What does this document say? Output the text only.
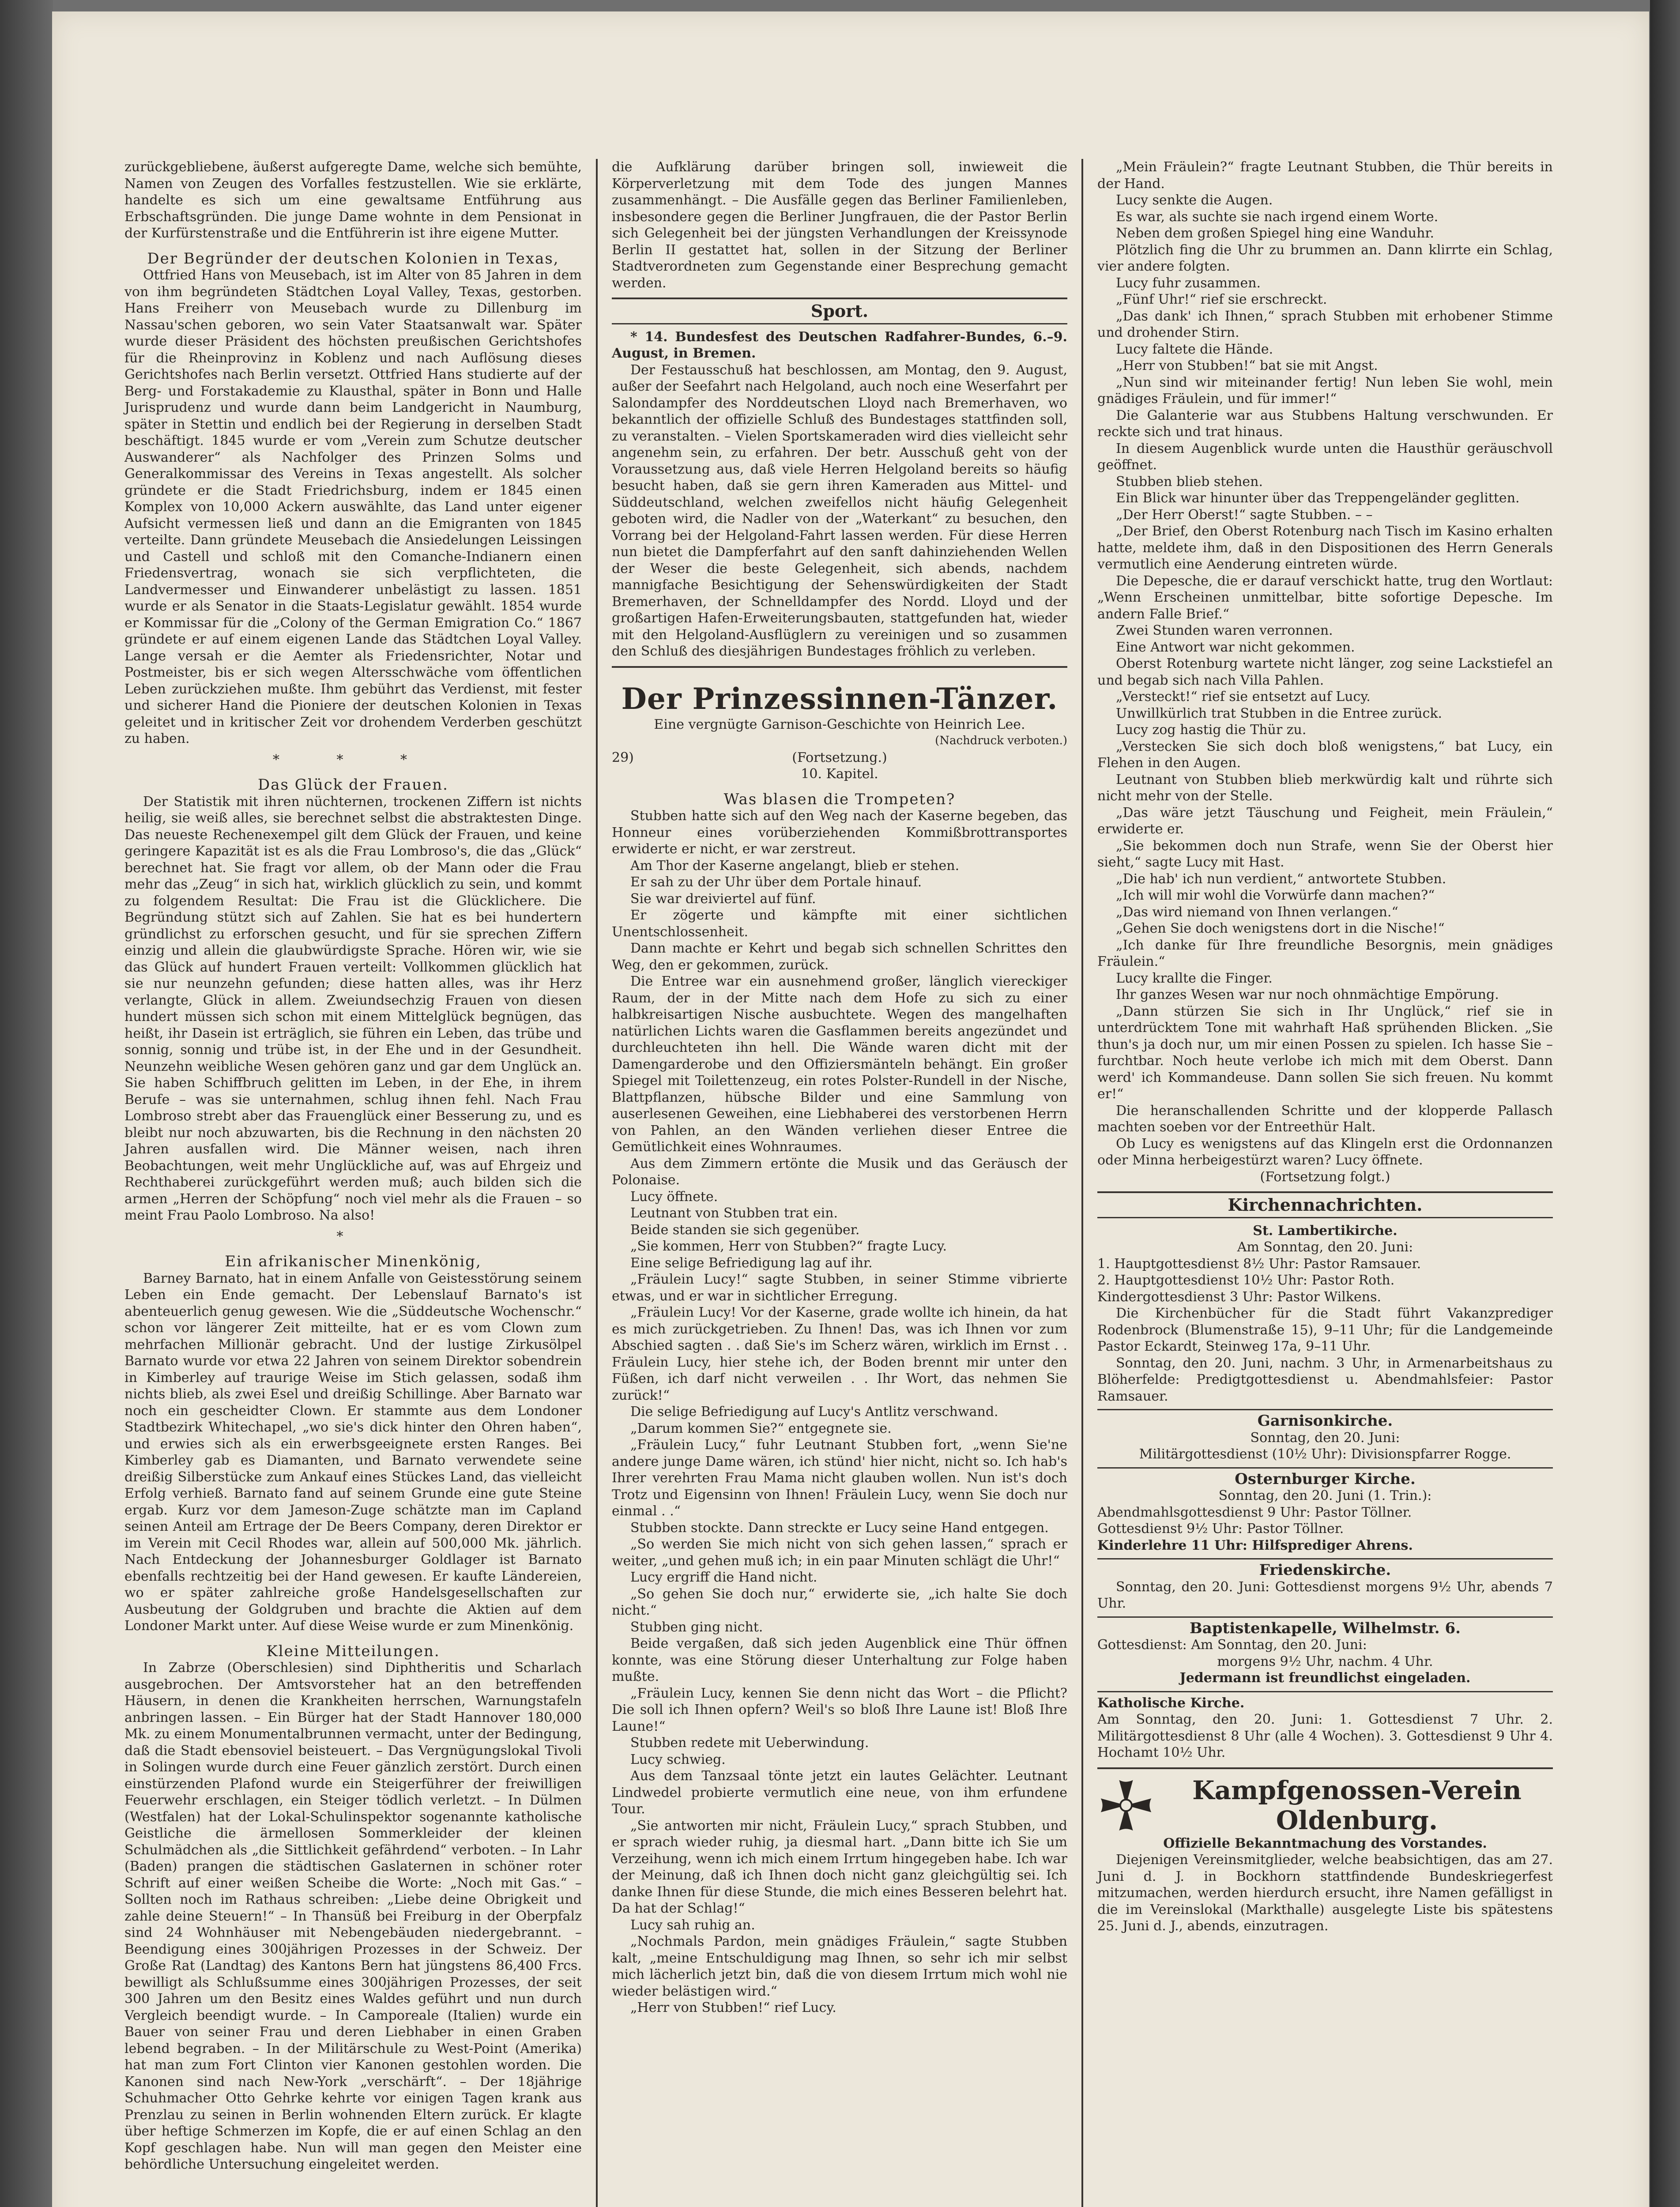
zurückgebliebene, äußerst aufgeregte Dame, welche sich bemühte, Namen von Zeugen des Vorfalles festzustellen. Wie sie erklärte, handelte es sich um eine gewaltsame Entführung aus Erbschaftsgründen. Die junge Dame wohnte in dem Pensionat in der Kurfürstenstraße und die Entführerin ist ihre eigene Mutter.

Der Begründer der deutschen Kolonien in Texas,

Ottfried Hans von Meusebach, ist im Alter von 85 Jahren in dem von ihm begründeten Städtchen Loyal Valley, Texas, gestorben. Hans Freiherr von Meusebach wurde zu Dillenburg im Nassau'schen geboren, wo sein Vater Staatsanwalt war. Später wurde dieser Präsident des höchsten preußischen Gerichtshofes für die Rheinprovinz in Koblenz und nach Auflösung dieses Gerichtshofes nach Berlin versetzt. Ottfried Hans studierte auf der Berg- und Forstakademie zu Klausthal, später in Bonn und Halle Jurisprudenz und wurde dann beim Landgericht in Naumburg, später in Stettin und endlich bei der Regierung in derselben Stadt beschäftigt. 1845 wurde er vom „Verein zum Schutze deutscher Auswanderer“ als Nachfolger des Prinzen Solms und Generalkommissar des Vereins in Texas angestellt. Als solcher gründete er die Stadt Friedrichsburg, indem er 1845 einen Komplex von 10,000 Ackern auswählte, das Land unter eigener Aufsicht vermessen ließ und dann an die Emigranten von 1845 verteilte. Dann gründete Meusebach die Ansiedelungen Leissingen und Castell und schloß mit den Comanche-Indianern einen Friedensvertrag, wonach sie sich verpflichteten, die Landvermesser und Einwanderer unbelästigt zu lassen. 1851 wurde er als Senator in die Staats-Legislatur gewählt. 1854 wurde er Kommissar für die „Colony of the German Emigration Co.“ 1867 gründete er auf einem eigenen Lande das Städtchen Loyal Valley. Lange versah er die Aemter als Friedensrichter, Notar und Postmeister, bis er sich wegen Altersschwäche vom öffentlichen Leben zurückziehen mußte. Ihm gebührt das Verdienst, mit fester und sicherer Hand die Pioniere der deutschen Kolonien in Texas geleitet und in kritischer Zeit vor drohendem Verderben geschützt zu haben.

* * *
Das Glück der Frauen.

Der Statistik mit ihren nüchternen, trockenen Ziffern ist nichts heilig, sie weiß alles, sie berechnet selbst die abstraktesten Dinge. Das neueste Rechenexempel gilt dem Glück der Frauen, und keine geringere Kapazität ist es als die Frau Lombroso's, die das „Glück“ berechnet hat. Sie fragt vor allem, ob der Mann oder die Frau mehr das „Zeug“ in sich hat, wirklich glücklich zu sein, und kommt zu folgendem Resultat: Die Frau ist die Glücklichere. Die Begründung stützt sich auf Zahlen. Sie hat es bei hundertern gründlichst zu erforschen gesucht, und für sie sprechen Ziffern einzig und allein die glaubwürdigste Sprache. Hören wir, wie sie das Glück auf hundert Frauen verteilt: Vollkommen glücklich hat sie nur neunzehn gefunden; diese hatten alles, was ihr Herz verlangte, Glück in allem. Zweiundsechzig Frauen von diesen hundert müssen sich schon mit einem Mittelglück begnügen, das heißt, ihr Dasein ist erträglich, sie führen ein Leben, das trübe und sonnig, sonnig und trübe ist, in der Ehe und in der Gesundheit. Neunzehn weibliche Wesen gehören ganz und gar dem Unglück an. Sie haben Schiffbruch gelitten im Leben, in der Ehe, in ihrem Berufe – was sie unternahmen, schlug ihnen fehl. Nach Frau Lombroso strebt aber das Frauenglück einer Besserung zu, und es bleibt nur noch abzuwarten, bis die Rechnung in den nächsten 20 Jahren ausfallen wird. Die Männer weisen, nach ihren Beobachtungen, weit mehr Unglückliche auf, was auf Ehrgeiz und Rechthaberei zurückgeführt werden muß; auch bilden sich die armen „Herren der Schöpfung“ noch viel mehr als die Frauen – so meint Frau Paolo Lombroso. Na also!

*
Ein afrikanischer Minenkönig,

Barney Barnato, hat in einem Anfalle von Geistesstörung seinem Leben ein Ende gemacht. Der Lebenslauf Barnato's ist abenteuerlich genug gewesen. Wie die „Süddeutsche Wochenschr.“ schon vor längerer Zeit mitteilte, hat er es vom Clown zum mehrfachen Millionär gebracht. Und der lustige Zirkusölpel Barnato wurde vor etwa 22 Jahren von seinem Direktor sobendrein in Kimberley auf traurige Weise im Stich gelassen, sodaß ihm nichts blieb, als zwei Esel und dreißig Schillinge. Aber Barnato war noch ein gescheidter Clown. Er stammte aus dem Londoner Stadtbezirk Whitechapel, „wo sie's dick hinter den Ohren haben“, und erwies sich als ein erwerbsgeeignete ersten Ranges. Bei Kimberley gab es Diamanten, und Barnato verwendete seine dreißig Silberstücke zum Ankauf eines Stückes Land, das vielleicht Erfolg verhieß. Barnato fand auf seinem Grunde eine gute Steine ergab. Kurz vor dem Jameson-Zuge schätzte man im Capland seinen Anteil am Ertrage der De Beers Company, deren Direktor er im Verein mit Cecil Rhodes war, allein auf 500,000 Mk. jährlich. Nach Entdeckung der Johannesburger Goldlager ist Barnato ebenfalls rechtzeitig bei der Hand gewesen. Er kaufte Ländereien, wo er später zahlreiche große Handelsgesellschaften zur Ausbeutung der Goldgruben und brachte die Aktien auf dem Londoner Markt unter. Auf diese Weise wurde er zum Minenkönig.

Kleine Mitteilungen.

In Zabrze (Oberschlesien) sind Diphtheritis und Scharlach ausgebrochen. Der Amtsvorsteher hat an den betreffenden Häusern, in denen die Krankheiten herrschen, Warnungstafeln anbringen lassen. – Ein Bürger hat der Stadt Hannover 180,000 Mk. zu einem Monumentalbrunnen vermacht, unter der Bedingung, daß die Stadt ebensoviel beisteuert. – Das Vergnügungslokal Tivoli in Solingen wurde durch eine Feuer gänzlich zerstört. Durch einen einstürzenden Plafond wurde ein Steigerführer der freiwilligen Feuerwehr erschlagen, ein Steiger tödlich verletzt. – In Dülmen (Westfalen) hat der Lokal-Schulinspektor sogenannte katholische Geistliche die ärmellosen Sommerkleider der kleinen Schulmädchen als „die Sittlichkeit gefährdend“ verboten. – In Lahr (Baden) prangen die städtischen Gaslaternen in schöner roter Schrift auf einer weißen Scheibe die Worte: „Noch mit Gas.“ – Sollten noch im Rathaus schreiben: „Liebe deine Obrigkeit und zahle deine Steuern!“ – In Thansüß bei Freiburg in der Oberpfalz sind 24 Wohnhäuser mit Nebengebäuden niedergebrannt. – Beendigung eines 300jährigen Prozesses in der Schweiz. Der Große Rat (Landtag) des Kantons Bern hat jüngstens 86,400 Frcs. bewilligt als Schlußsumme eines 300jährigen Prozesses, der seit 300 Jahren um den Besitz eines Waldes geführt und nun durch Vergleich beendigt wurde. – In Camporeale (Italien) wurde ein Bauer von seiner Frau und deren Liebhaber in einen Graben lebend begraben. – In der Militärschule zu West-Point (Amerika) hat man zum Fort Clinton vier Kanonen gestohlen worden. Die Kanonen sind nach New-York „verschärft“. – Der 18jährige Schuhmacher Otto Gehrke kehrte vor einigen Tagen krank aus Prenzlau zu seinen in Berlin wohnenden Eltern zurück. Er klagte über heftige Schmerzen im Kopfe, die er auf einen Schlag an den Kopf geschlagen habe. Nun will man gegen den Meister eine behördliche Untersuchung eingeleitet werden.

die Aufklärung darüber bringen soll, inwieweit die Körperverletzung mit dem Tode des jungen Mannes zusammenhängt. – Die Ausfälle gegen das Berliner Familienleben, insbesondere gegen die Berliner Jungfrauen, die der Pastor Berlin sich Gelegenheit bei der jüngsten Verhandlungen der Kreissynode Berlin II gestattet hat, sollen in der Sitzung der Berliner Stadtverordneten zum Gegenstande einer Besprechung gemacht werden.

Sport.

* 14. Bundesfest des Deutschen Radfahrer-Bundes, 6.–9. August, in Bremen.

Der Festausschuß hat beschlossen, am Montag, den 9. August, außer der Seefahrt nach Helgoland, auch noch eine Weserfahrt per Salondampfer des Norddeutschen Lloyd nach Bremerhaven, wo bekanntlich der offizielle Schluß des Bundestages stattfinden soll, zu veranstalten. – Vielen Sportskameraden wird dies vielleicht sehr angenehm sein, zu erfahren. Der betr. Ausschuß geht von der Voraussetzung aus, daß viele Herren Helgoland bereits so häufig besucht haben, daß sie gern ihren Kameraden aus Mittel- und Süddeutschland, welchen zweifellos nicht häufig Gelegenheit geboten wird, die Nadler von der „Waterkant“ zu besuchen, den Vorrang bei der Helgoland-Fahrt lassen werden. Für diese Herren nun bietet die Dampferfahrt auf den sanft dahinziehenden Wellen der Weser die beste Gelegenheit, sich abends, nachdem mannigfache Besichtigung der Sehenswürdigkeiten der Stadt Bremerhaven, der Schnelldampfer des Nordd. Lloyd und der großartigen Hafen-Erweiterungsbauten, stattgefunden hat, wieder mit den Helgoland-Ausflüglern zu vereinigen und so zusammen den Schluß des diesjährigen Bundestages fröhlich zu verleben.

Der Prinzessinnen-Tänzer.
Eine vergnügte Garnison-Geschichte von Heinrich Lee.
(Nachdruck verboten.)
29)	(Fortsetzung.)
10. Kapitel.
Was blasen die Trompeten?

Stubben hatte sich auf den Weg nach der Kaserne begeben, das Honneur eines vorüberziehenden Kommißbrottransportes erwiderte er nicht, er war zerstreut.

Am Thor der Kaserne angelangt, blieb er stehen.

Er sah zu der Uhr über dem Portale hinauf.

Sie war dreiviertel auf fünf.

Er zögerte und kämpfte mit einer sichtlichen Unentschlossenheit.

Dann machte er Kehrt und begab sich schnellen Schrittes den Weg, den er gekommen, zurück.

Die Entree war ein ausnehmend großer, länglich viereckiger Raum, der in der Mitte nach dem Hofe zu sich zu einer halbkreisartigen Nische ausbuchtete. Wegen des mangelhaften natürlichen Lichts waren die Gasflammen bereits angezündet und durchleuchteten ihn hell. Die Wände waren dicht mit der Damengarderobe und den Offiziersmänteln behängt. Ein großer Spiegel mit Toilettenzeug, ein rotes Polster-Rundell in der Nische, Blattpflanzen, hübsche Bilder und eine Sammlung von auserlesenen Geweihen, eine Liebhaberei des verstorbenen Herrn von Pahlen, an den Wänden verliehen dieser Entree die Gemütlichkeit eines Wohnraumes.

Aus dem Zimmern ertönte die Musik und das Geräusch der Polonaise.

Lucy öffnete.

Leutnant von Stubben trat ein.

Beide standen sie sich gegenüber.

„Sie kommen, Herr von Stubben?“ fragte Lucy.

Eine selige Befriedigung lag auf ihr.

„Fräulein Lucy!“ sagte Stubben, in seiner Stimme vibrierte etwas, und er war in sichtlicher Erregung.

„Fräulein Lucy! Vor der Kaserne, grade wollte ich hinein, da hat es mich zurückgetrieben. Zu Ihnen! Das, was ich Ihnen vor zum Abschied sagten . . daß Sie's im Scherz wären, wirklich im Ernst . . Fräulein Lucy, hier stehe ich, der Boden brennt mir unter den Füßen, ich darf nicht verweilen . . Ihr Wort, das nehmen Sie zurück!“

Die selige Befriedigung auf Lucy's Antlitz verschwand.

„Darum kommen Sie?“ entgegnete sie.

„Fräulein Lucy,“ fuhr Leutnant Stubben fort, „wenn Sie'ne andere junge Dame wären, ich stünd' hier nicht, nicht so. Ich hab's Ihrer verehrten Frau Mama nicht glauben wollen. Nun ist's doch Trotz und Eigensinn von Ihnen! Fräulein Lucy, wenn Sie doch nur einmal . .“

Stubben stockte. Dann streckte er Lucy seine Hand entgegen.

„So werden Sie mich nicht von sich gehen lassen,“ sprach er weiter, „und gehen muß ich; in ein paar Minuten schlägt die Uhr!“

Lucy ergriff die Hand nicht.

„So gehen Sie doch nur,“ erwiderte sie, „ich halte Sie doch nicht.“

Stubben ging nicht.

Beide vergaßen, daß sich jeden Augenblick eine Thür öffnen konnte, was eine Störung dieser Unterhaltung zur Folge haben mußte.

„Fräulein Lucy, kennen Sie denn nicht das Wort – die Pflicht? Die soll ich Ihnen opfern? Weil's so bloß Ihre Laune ist! Bloß Ihre Laune!“

Stubben redete mit Ueberwindung.

Lucy schwieg.

Aus dem Tanzsaal tönte jetzt ein lautes Gelächter. Leutnant Lindwedel probierte vermutlich eine neue, von ihm erfundene Tour.

„Sie antworten mir nicht, Fräulein Lucy,“ sprach Stubben, und er sprach wieder ruhig, ja diesmal hart. „Dann bitte ich Sie um Verzeihung, wenn ich mich einem Irrtum hingegeben habe. Ich war der Meinung, daß ich Ihnen doch nicht ganz gleichgültig sei. Ich danke Ihnen für diese Stunde, die mich eines Besseren belehrt hat. Da hat der Schlag!“

Lucy sah ruhig an.

„Nochmals Pardon, mein gnädiges Fräulein,“ sagte Stubben kalt, „meine Entschuldigung mag Ihnen, so sehr ich mir selbst mich lächerlich jetzt bin, daß die von diesem Irrtum mich wohl nie wieder belästigen wird.“

„Herr von Stubben!“ rief Lucy.

„Mein Fräulein?“ fragte Leutnant Stubben, die Thür bereits in der Hand.

Lucy senkte die Augen.

Es war, als suchte sie nach irgend einem Worte.

Neben dem großen Spiegel hing eine Wanduhr.

Plötzlich fing die Uhr zu brummen an. Dann klirrte ein Schlag, vier andere folgten.

Lucy fuhr zusammen.

„Fünf Uhr!“ rief sie erschreckt.

„Das dank' ich Ihnen,“ sprach Stubben mit erhobener Stimme und drohender Stirn.

Lucy faltete die Hände.

„Herr von Stubben!“ bat sie mit Angst.

„Nun sind wir miteinander fertig! Nun leben Sie wohl, mein gnädiges Fräulein, und für immer!“

Die Galanterie war aus Stubbens Haltung verschwunden. Er reckte sich und trat hinaus.

In diesem Augenblick wurde unten die Hausthür geräuschvoll geöffnet.

Stubben blieb stehen.

Ein Blick war hinunter über das Treppengeländer geglitten.

„Der Herr Oberst!“ sagte Stubben. – –

„Der Brief, den Oberst Rotenburg nach Tisch im Kasino erhalten hatte, meldete ihm, daß in den Dispositionen des Herrn Generals vermutlich eine Aenderung eintreten würde.

Die Depesche, die er darauf verschickt hatte, trug den Wortlaut: „Wenn Erscheinen unmittelbar, bitte sofortige Depesche. Im andern Falle Brief.“

Zwei Stunden waren verronnen.

Eine Antwort war nicht gekommen.

Oberst Rotenburg wartete nicht länger, zog seine Lackstiefel an und begab sich nach Villa Pahlen.

„Versteckt!“ rief sie entsetzt auf Lucy.

Unwillkürlich trat Stubben in die Entree zurück.

Lucy zog hastig die Thür zu.

„Verstecken Sie sich doch bloß wenigstens,“ bat Lucy, ein Flehen in den Augen.

Leutnant von Stubben blieb merkwürdig kalt und rührte sich nicht mehr von der Stelle.

„Das wäre jetzt Täuschung und Feigheit, mein Fräulein,“ erwiderte er.

„Sie bekommen doch nun Strafe, wenn Sie der Oberst hier sieht,“ sagte Lucy mit Hast.

„Die hab' ich nun verdient,“ antwortete Stubben.

„Ich will mir wohl die Vorwürfe dann machen?“

„Das wird niemand von Ihnen verlangen.“

„Gehen Sie doch wenigstens dort in die Nische!“

„Ich danke für Ihre freundliche Besorgnis, mein gnädiges Fräulein.“

Lucy krallte die Finger.

Ihr ganzes Wesen war nur noch ohnmächtige Empörung.

„Dann stürzen Sie sich in Ihr Unglück,“ rief sie in unterdrücktem Tone mit wahrhaft Haß sprühenden Blicken. „Sie thun's ja doch nur, um mir einen Possen zu spielen. Ich hasse Sie – furchtbar. Noch heute verlobe ich mich mit dem Oberst. Dann werd' ich Kommandeuse. Dann sollen Sie sich freuen. Nu kommt er!“

Die heranschallenden Schritte und der klopperde Pallasch machten soeben vor der Entreethür Halt.

Ob Lucy es wenigstens auf das Klingeln erst die Ordonnanzen oder Minna herbeigestürzt waren? Lucy öffnete.

(Fortsetzung folgt.)
Kirchennachrichten.
St. Lambertikirche.
Am Sonntag, den 20. Juni:

1. Hauptgottesdienst 8½ Uhr: Pastor Ramsauer.

2. Hauptgottesdienst 10½ Uhr: Pastor Roth.

Kindergottesdienst 3 Uhr: Pastor Wilkens.

Die Kirchenbücher für die Stadt führt Vakanzprediger Rodenbrock (Blumenstraße 15), 9–11 Uhr; für die Landgemeinde Pastor Eckardt, Steinweg 17a, 9–11 Uhr.

Sonntag, den 20. Juni, nachm. 3 Uhr, in Armenarbeitshaus zu Blöherfelde: Predigtgottesdienst u. Abendmahlsfeier: Pastor Ramsauer.

Garnisonkirche.
Sonntag, den 20. Juni:
Militärgottesdienst (10½ Uhr): Divisionspfarrer Rogge.
Osternburger Kirche.
Sonntag, den 20. Juni (1. Trin.):

Abendmahlsgottesdienst 9 Uhr: Pastor Töllner.

Gottesdienst 9½ Uhr: Pastor Töllner.

Kinderlehre 11 Uhr: Hilfsprediger Ahrens.

Friedenskirche.

Sonntag, den 20. Juni: Gottesdienst morgens 9½ Uhr, abends 7 Uhr.

Baptistenkapelle, Wilhelmstr. 6.

Gottesdienst: Am Sonntag, den 20. Juni:

morgens 9½ Uhr, nachm. 4 Uhr.
Jedermann ist freundlichst eingeladen.
Katholische Kirche.

Am Sonntag, den 20. Juni: 1. Gottesdienst 7 Uhr. 2. Militärgottesdienst 8 Uhr (alle 4 Wochen). 3. Gottesdienst 9 Uhr 4. Hochamt 10½ Uhr.

Kampfgenossen-Verein Oldenburg.
Offizielle Bekanntmachung des Vorstandes.

Diejenigen Vereinsmitglieder, welche beabsichtigen, das am 27. Juni d. J. in Bockhorn stattfindende Bundeskriegerfest mitzumachen, werden hierdurch ersucht, ihre Namen gefälligst in die im Vereinslokal (Markthalle) ausgelegte Liste bis spätestens 25. Juni d. J., abends, einzutragen.
